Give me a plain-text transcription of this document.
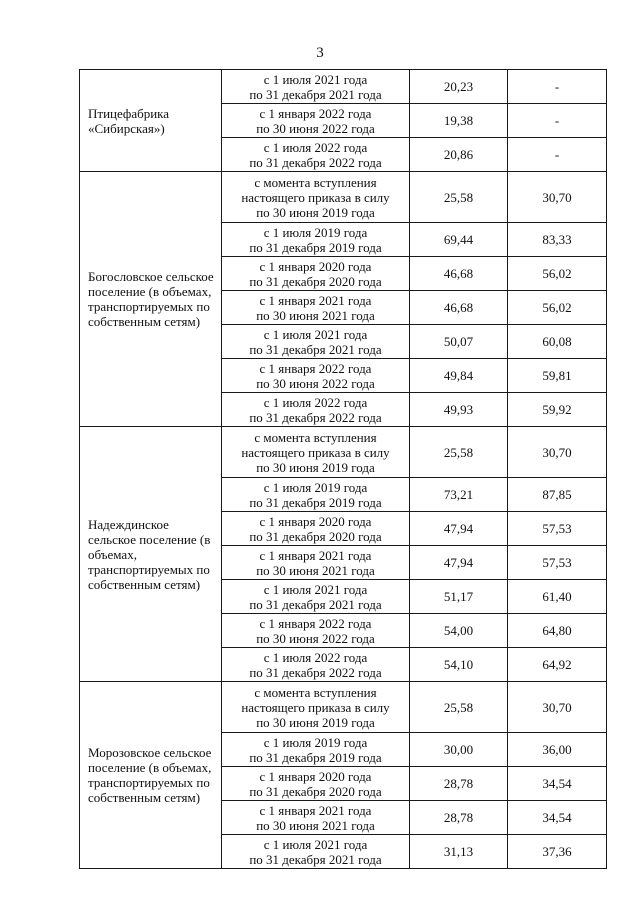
3
Птицефабрика «Сибирская»)	с 1 июля 2021 года
по 31 декабря 2021 года	20,23	-
	с 1 января 2022 года
по 30 июня 2022 года	19,38	-
	с 1 июля 2022 года
по 31 декабря 2022 года	20,86	-
Богословское сельское поселение (в объемах, транспортируемых по собственным сетям)	с момента вступления
настоящего приказа в силу
по 30 июня 2019 года	25,58	30,70
	с 1 июля 2019 года
по 31 декабря 2019 года	69,44	83,33
	с 1 января 2020 года
по 31 декабря 2020 года	46,68	56,02
	с 1 января 2021 года
по 30 июня 2021 года	46,68	56,02
	с 1 июля 2021 года
по 31 декабря 2021 года	50,07	60,08
	с 1 января 2022 года
по 30 июня 2022 года	49,84	59,81
	с 1 июля 2022 года
по 31 декабря 2022 года	49,93	59,92
Надеждинское сельское поселение (в объемах, транспортируемых по собственным сетям)	с момента вступления
настоящего приказа в силу
по 30 июня 2019 года	25,58	30,70
	с 1 июля 2019 года
по 31 декабря 2019 года	73,21	87,85
	с 1 января 2020 года
по 31 декабря 2020 года	47,94	57,53
	с 1 января 2021 года
по 30 июня 2021 года	47,94	57,53
	с 1 июля 2021 года
по 31 декабря 2021 года	51,17	61,40
	с 1 января 2022 года
по 30 июня 2022 года	54,00	64,80
	с 1 июля 2022 года
по 31 декабря 2022 года	54,10	64,92
Морозовское сельское поселение (в объемах, транспортируемых по собственным сетям)	с момента вступления
настоящего приказа в силу
по 30 июня 2019 года	25,58	30,70
	с 1 июля 2019 года
по 31 декабря 2019 года	30,00	36,00
	с 1 января 2020 года
по 31 декабря 2020 года	28,78	34,54
	с 1 января 2021 года
по 30 июня 2021 года	28,78	34,54
	с 1 июля 2021 года
по 31 декабря 2021 года	31,13	37,36
